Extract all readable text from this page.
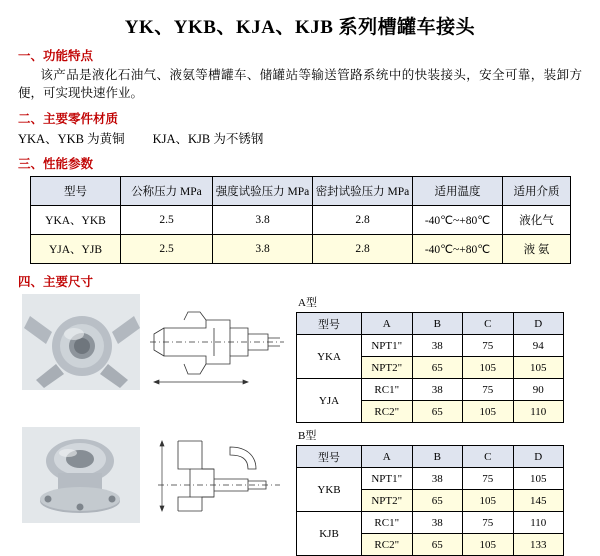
YK、YKB、KJA、KJB 系列槽罐车接头
一、功能特点
该产品是液化石油气、液氨等槽罐车、储罐站等输送管路系统中的快装接头，安全可靠，装卸方便，可实现快速作业。
二、主要零件材质
YKA、YKB 为黄铜 KJA、KJB 为不锈钢
三、性能参数
型号	公称压力 MPa	强度试验压力 MPa	密封试验压力 MPa	适用温度	适用介质
YKA、YKB	2.5	3.8	2.8	-40℃~+80℃	液化气
YJA、YJB	2.5	3.8	2.8	-40℃~+80℃	液 氨
四、主要尺寸
A型
型号	A	B	C	D
YKA	NPT1"	38	75	94
	NPT2"	65	105	105
YJA	RC1"	38	75	90
	RC2"	65	105	110
B型
型号	A	B	C	D
YKB	NPT1"	38	75	105
	NPT2"	65	105	145
KJB	RC1"	38	75	110
	RC2"	65	105	133
